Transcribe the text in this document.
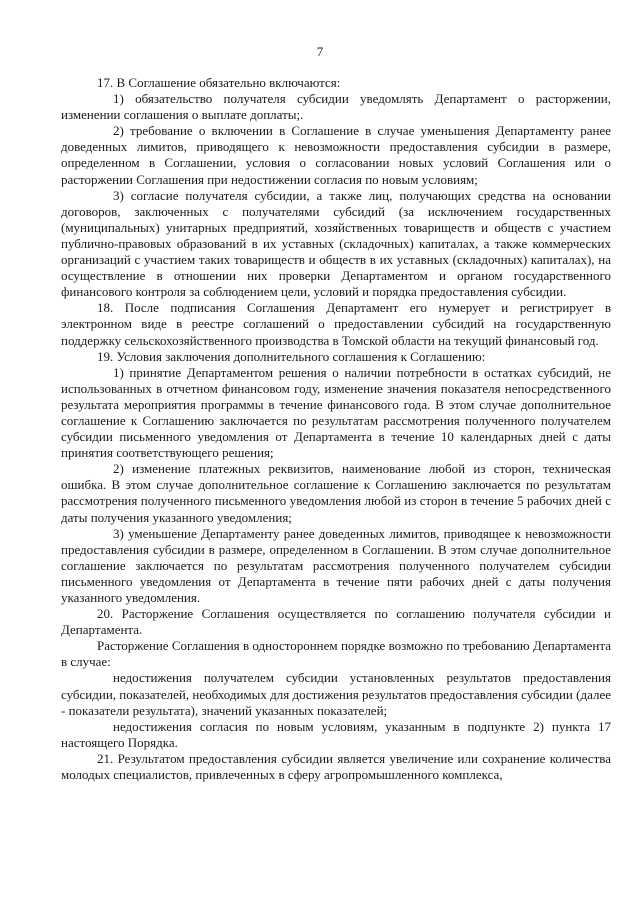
7

17. В Соглашение обязательно включаются:

1) обязательство получателя субсидии уведомлять Департамент о расторжении, изменении соглашения о выплате доплаты;.

2) требование о включении в Соглашение в случае уменьшения Департаменту ранее доведенных лимитов, приводящего к невозможности предоставления субсидии в размере, определенном в Соглашении, условия о согласовании новых условий Соглашения или о расторжении Соглашения при недостижении согласия по новым условиям;

3) согласие получателя субсидии, а также лиц, получающих средства на основании договоров, заключенных с получателями субсидий (за исключением государственных (муниципальных) унитарных предприятий, хозяйственных товариществ и обществ с участием публично-правовых образований в их уставных (складочных) капиталах, а также коммерческих организаций с участием таких товариществ и обществ в их уставных (складочных) капиталах), на осуществление в отношении них проверки Департаментом и органом государственного финансового контроля за соблюдением цели, условий и порядка предоставления субсидии.

18. После подписания Соглашения Департамент его нумерует и регистрирует в электронном виде в реестре соглашений о предоставлении субсидий на государственную поддержку сельскохозяйственного производства в Томской области на текущий финансовый год.

19. Условия заключения дополнительного соглашения к Соглашению:

1) принятие Департаментом решения о наличии потребности в остатках субсидий, не использованных в отчетном финансовом году, изменение значения показателя непосредственного результата мероприятия программы в течение финансового года. В этом случае дополнительное соглашение к Соглашению заключается по результатам рассмотрения полученного получателем субсидии письменного уведомления от Департамента в течение 10 календарных дней с даты принятия соответствующего решения;

2) изменение платежных реквизитов, наименование любой из сторон, техническая ошибка. В этом случае дополнительное соглашение к Соглашению заключается по результатам рассмотрения полученного письменного уведомления любой из сторон в течение 5 рабочих дней с даты получения указанного уведомления;

3) уменьшение Департаменту ранее доведенных лимитов, приводящее к невозможности предоставления субсидии в размере, определенном в Соглашении. В этом случае дополнительное соглашение заключается по результатам рассмотрения полученного получателем субсидии письменного уведомления от Департамента в течение пяти рабочих дней с даты получения указанного уведомления.

20. Расторжение Соглашения осуществляется по соглашению получателя субсидии и Департамента.

Расторжение Соглашения в одностороннем порядке возможно по требованию Департамента в случае:

недостижения получателем субсидии установленных результатов предоставления субсидии, показателей, необходимых для достижения результатов предоставления субсидии (далее - показатели результата), значений указанных показателей;

недостижения согласия по новым условиям, указанным в подпункте 2) пункта 17 настоящего Порядка.

21. Результатом предоставления субсидии является увеличение или сохранение количества молодых специалистов, привлеченных в сферу агропромышленного комплекса,
